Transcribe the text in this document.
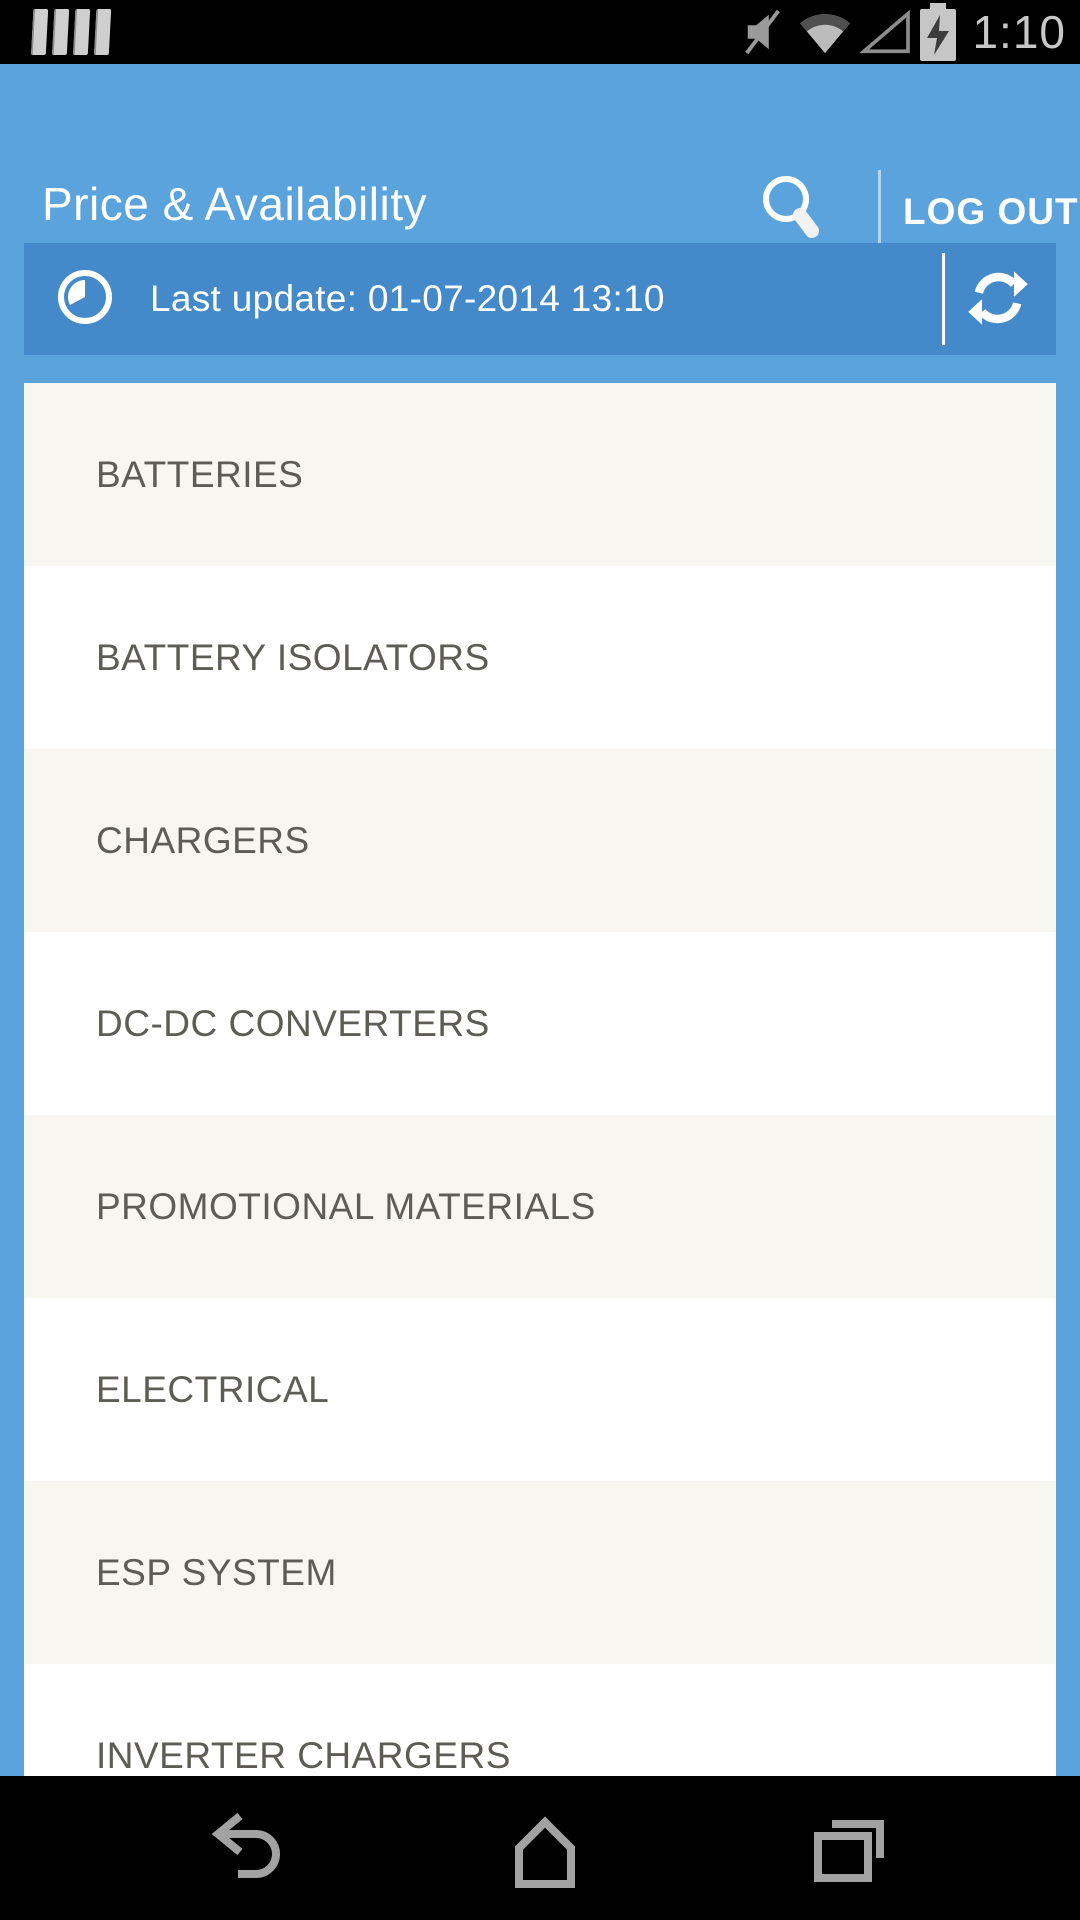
1:10
Price & Availability	LOG OUT
Last update: 01-07-2014 13:10
BATTERIES
BATTERY ISOLATORS
CHARGERS
DC-DC CONVERTERS
PROMOTIONAL MATERIALS
ELECTRICAL
ESP SYSTEM
INVERTER CHARGERS
